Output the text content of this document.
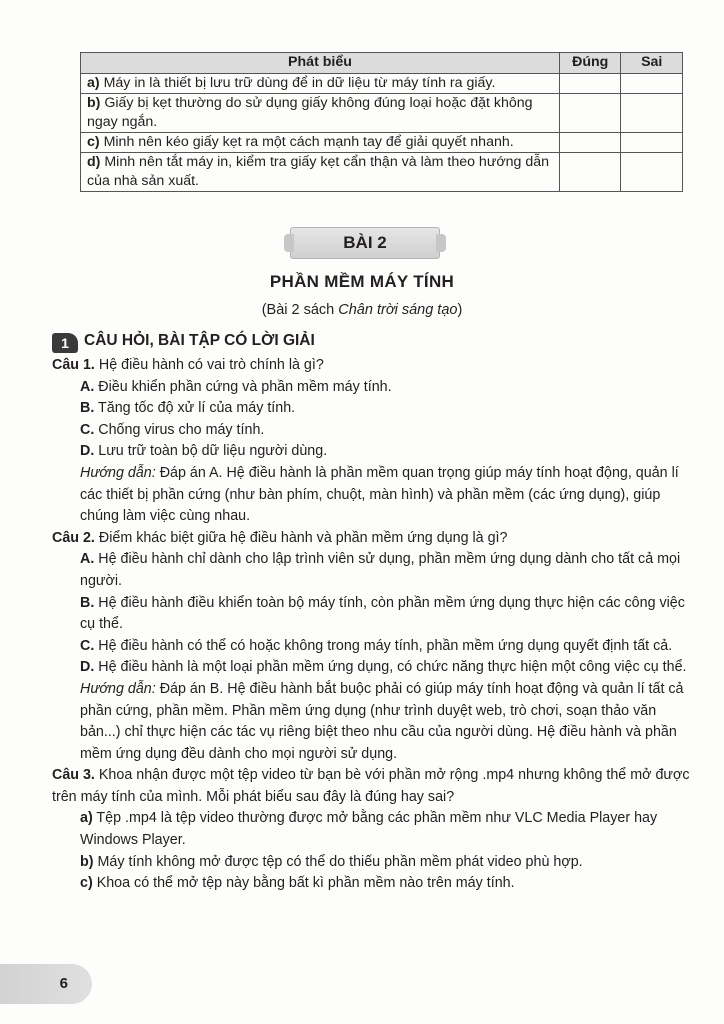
Phát biểu	Đúng	Sai
a) Máy in là thiết bị lưu trữ dùng để in dữ liệu từ máy tính ra giấy.		
b) Giấy bị kẹt thường do sử dụng giấy không đúng loại hoặc đặt không ngay ngắn.		
c) Minh nên kéo giấy kẹt ra một cách mạnh tay để giải quyết nhanh.		
d) Minh nên tắt máy in, kiểm tra giấy kẹt cẩn thận và làm theo hướng dẫn của nhà sản xuất.		
BÀI 2
PHẦN MỀM MÁY TÍNH
(Bài 2 sách Chân trời sáng tạo)
1 CÂU HỎI, BÀI TẬP CÓ LỜI GIẢI

Câu 1. Hệ điều hành có vai trò chính là gì?

A. Điều khiển phần cứng và phần mềm máy tính.

B. Tăng tốc độ xử lí của máy tính.

C. Chống virus cho máy tính.

D. Lưu trữ toàn bộ dữ liệu người dùng.

Hướng dẫn: Đáp án A. Hệ điều hành là phần mềm quan trọng giúp máy tính hoạt động, quản lí các thiết bị phần cứng (như bàn phím, chuột, màn hình) và phần mềm (các ứng dụng), giúp chúng làm việc cùng nhau.

Câu 2. Điểm khác biệt giữa hệ điều hành và phần mềm ứng dụng là gì?

A. Hệ điều hành chỉ dành cho lập trình viên sử dụng, phần mềm ứng dụng dành cho tất cả mọi người.

B. Hệ điều hành điều khiển toàn bộ máy tính, còn phần mềm ứng dụng thực hiện các công việc cụ thể.

C. Hệ điều hành có thể có hoặc không trong máy tính, phần mềm ứng dụng quyết định tất cả.

D. Hệ điều hành là một loại phần mềm ứng dụng, có chức năng thực hiện một công việc cụ thể.

Hướng dẫn: Đáp án B. Hệ điều hành bắt buộc phải có giúp máy tính hoạt động và quản lí tất cả phần cứng, phần mềm. Phần mềm ứng dụng (như trình duyệt web, trò chơi, soạn thảo văn bản...) chỉ thực hiện các tác vụ riêng biệt theo nhu cầu của người dùng. Hệ điều hành và phần mềm ứng dụng đều dành cho mọi người sử dụng.

Câu 3. Khoa nhận được một tệp video từ bạn bè với phần mở rộng .mp4 nhưng không thể mở được trên máy tính của mình. Mỗi phát biểu sau đây là đúng hay sai?

a) Tệp .mp4 là tệp video thường được mở bằng các phần mềm như VLC Media Player hay Windows Player.

b) Máy tính không mở được tệp có thể do thiếu phần mềm phát video phù hợp.

c) Khoa có thể mở tệp này bằng bất kì phần mềm nào trên máy tính.

6
